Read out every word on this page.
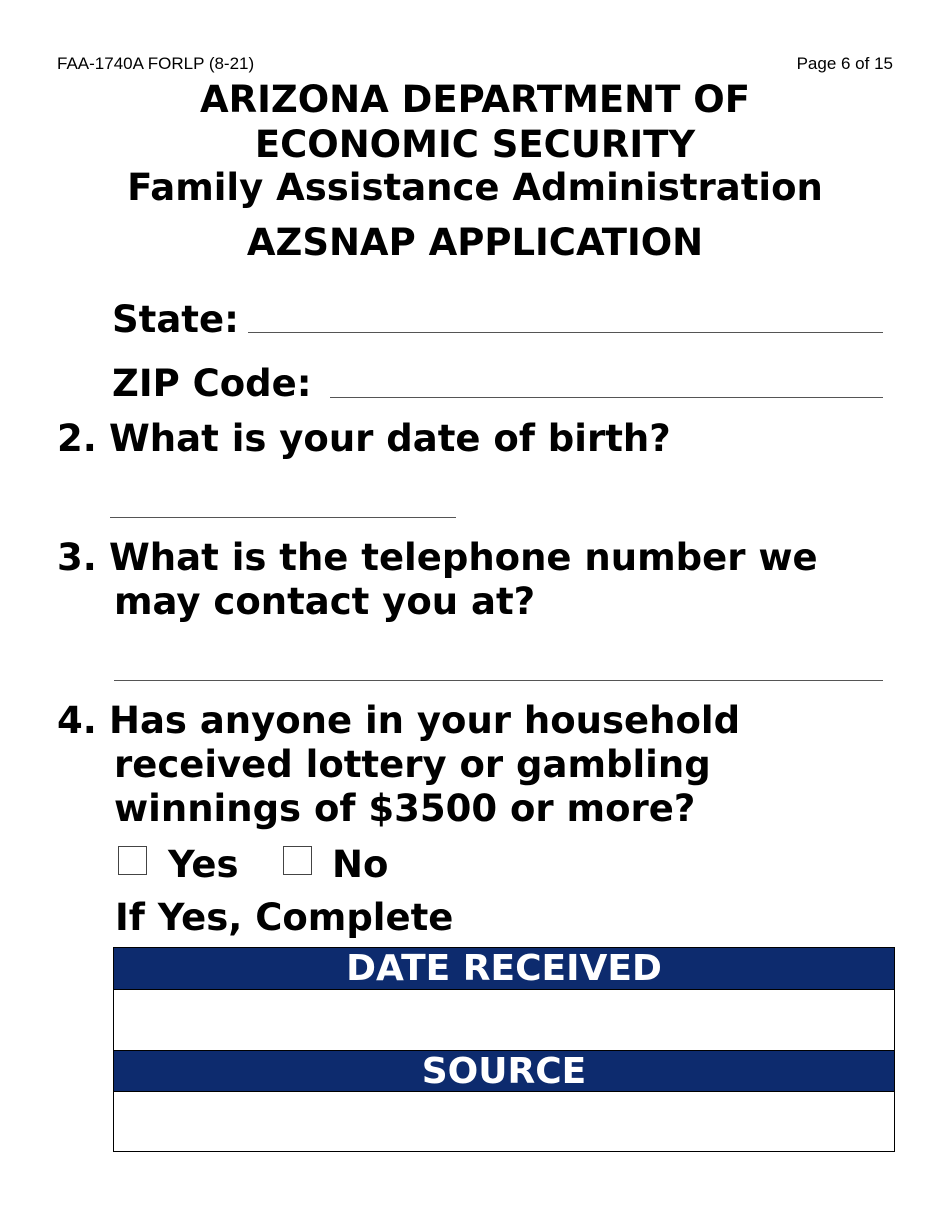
FAA-1740A FORLP (8-21)	Page 6 of 15
ARIZONA DEPARTMENT OF
ECONOMIC SECURITY
Family Assistance Administration
AZSNAP APPLICATION
State:
ZIP Code:
2. What is your date of birth?
3. What is the telephone number we
may contact you at?
4. Has anyone in your household
received lottery or gambling
winnings of $3500 or more?
Yes	No
If Yes, Complete
DATE RECEIVED
SOURCE
